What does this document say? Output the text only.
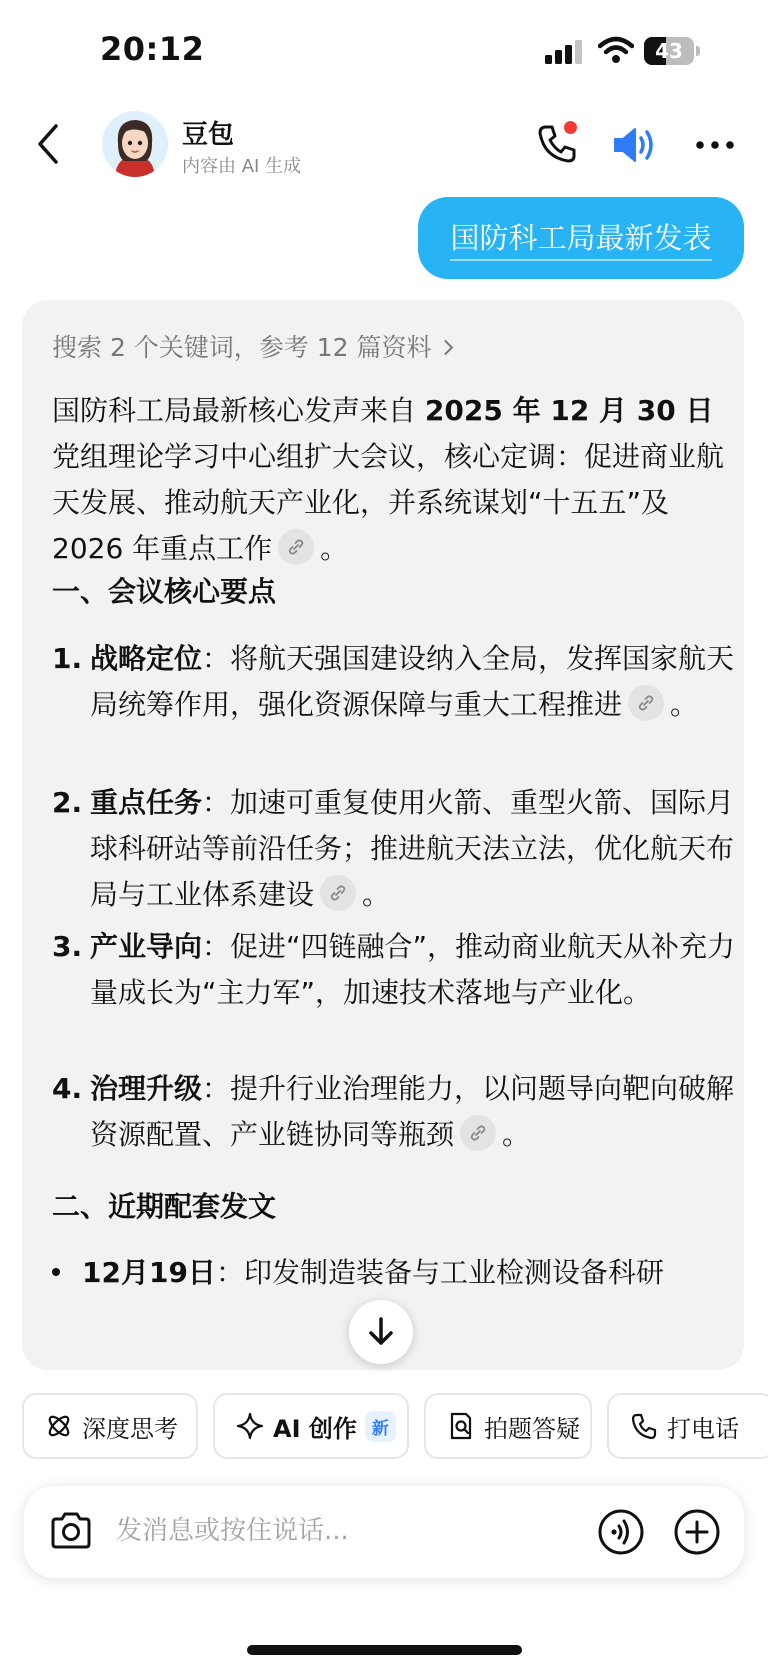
20:12	43
豆包
内容由 AI 生成
国防科工局最新发表
搜索 2 个关键词，参考 12 篇资料
国防科工局最新核心发声来自 2025 年 12 月 30 日党组理论学习中心组扩大会议，核心定调：促进商业航天发展、推动航天产业化，并系统谋划“十五五”及 2026 年重点工作 。
一、会议核心要点
1. 战略定位：将航天强国建设纳入全局，发挥国家航天局统筹作用，强化资源保障与重大工程推进 。
2. 重点任务：加速可重复使用火箭、重型火箭、国际月球科研站等前沿任务；推进航天法立法，优化航天布局与工业体系建设 。
3. 产业导向：促进“四链融合”，推动商业航天从补充力量成长为“主力军”，加速技术落地与产业化。
4. 治理升级：提升行业治理能力，以问题导向靶向破解资源配置、产业链协同等瓶颈 。
二、近期配套发文
12月19日：印发制造装备与工业检测设备科研
深度思考	AI 创作 新	拍题答疑	打电话
发消息或按住说话...
